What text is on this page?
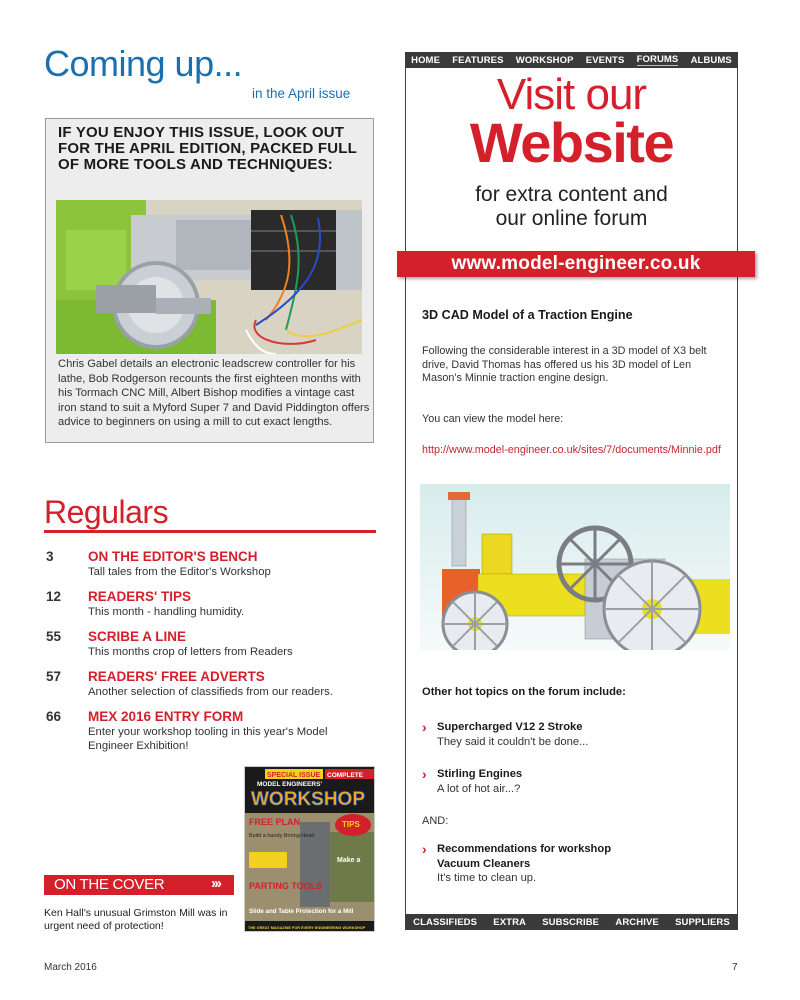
Coming up...
in the April issue
IF YOU ENJOY THIS ISSUE, LOOK OUT FOR THE APRIL EDITION, PACKED FULL OF MORE TOOLS AND TECHNIQUES:
Chris Gabel details an electronic leadscrew controller for his lathe, Bob Rodgerson recounts the first eighteen months with his Tormach CNC Mill, Albert Bishop modifies a vintage cast iron stand to suit a Myford Super 7 and David Piddington offers advice to beginners on using a mill to cut exact lengths.
Regulars
3	ON THE EDITOR'S BENCH
Tall tales from the Editor's Workshop
12 READERS' TIPS
This month - handling humidity.
55 SCRIBE A LINE
This months crop of letters from Readers
57 READERS' FREE ADVERTS
Another selection of classifieds from our readers.
66 MEX 2016 ENTRY FORM
Enter your workshop tooling in this year's Model Engineer Exhibition!
ON THE COVER	›››
Ken Hall's unusual Grimston Mill was in urgent need of protection!
SPECIAL ISSUE COMPLETE
MODEL ENGINEERS'
WORKSHOP
FREE PLAN
Build a handy Boring Head
TIPS
Make a
PARTING TOOLS
Slide and Table Protection for a Mill
THE GREAT MAGAZINE FOR EVERY ENGINEERING WORKSHOP
HOME FEATURES WORKSHOP EVENTS FORUMS ALBUMS
Visit our
Website
for extra content and
our online forum
www.model-engineer.co.uk
3D CAD Model of a Traction Engine
Following the considerable interest in a 3D model of X3 belt drive, David Thomas has offered us his 3D model of Len Mason's Minnie traction engine design.
You can view the model here:
http://www.model-engineer.co.uk/sites/7/documents/Minnie.pdf
Other hot topics on the forum include:
› Supercharged V12 2 Stroke
They said it couldn't be done...
› Stirling Engines
A lot of hot air...?
AND:
› Recommendations for workshop
Vacuum Cleaners
It's time to clean up.
CLASSIFIEDS EXTRA SUBSCRIBE ARCHIVE SUPPLIERS
March 2016	7
